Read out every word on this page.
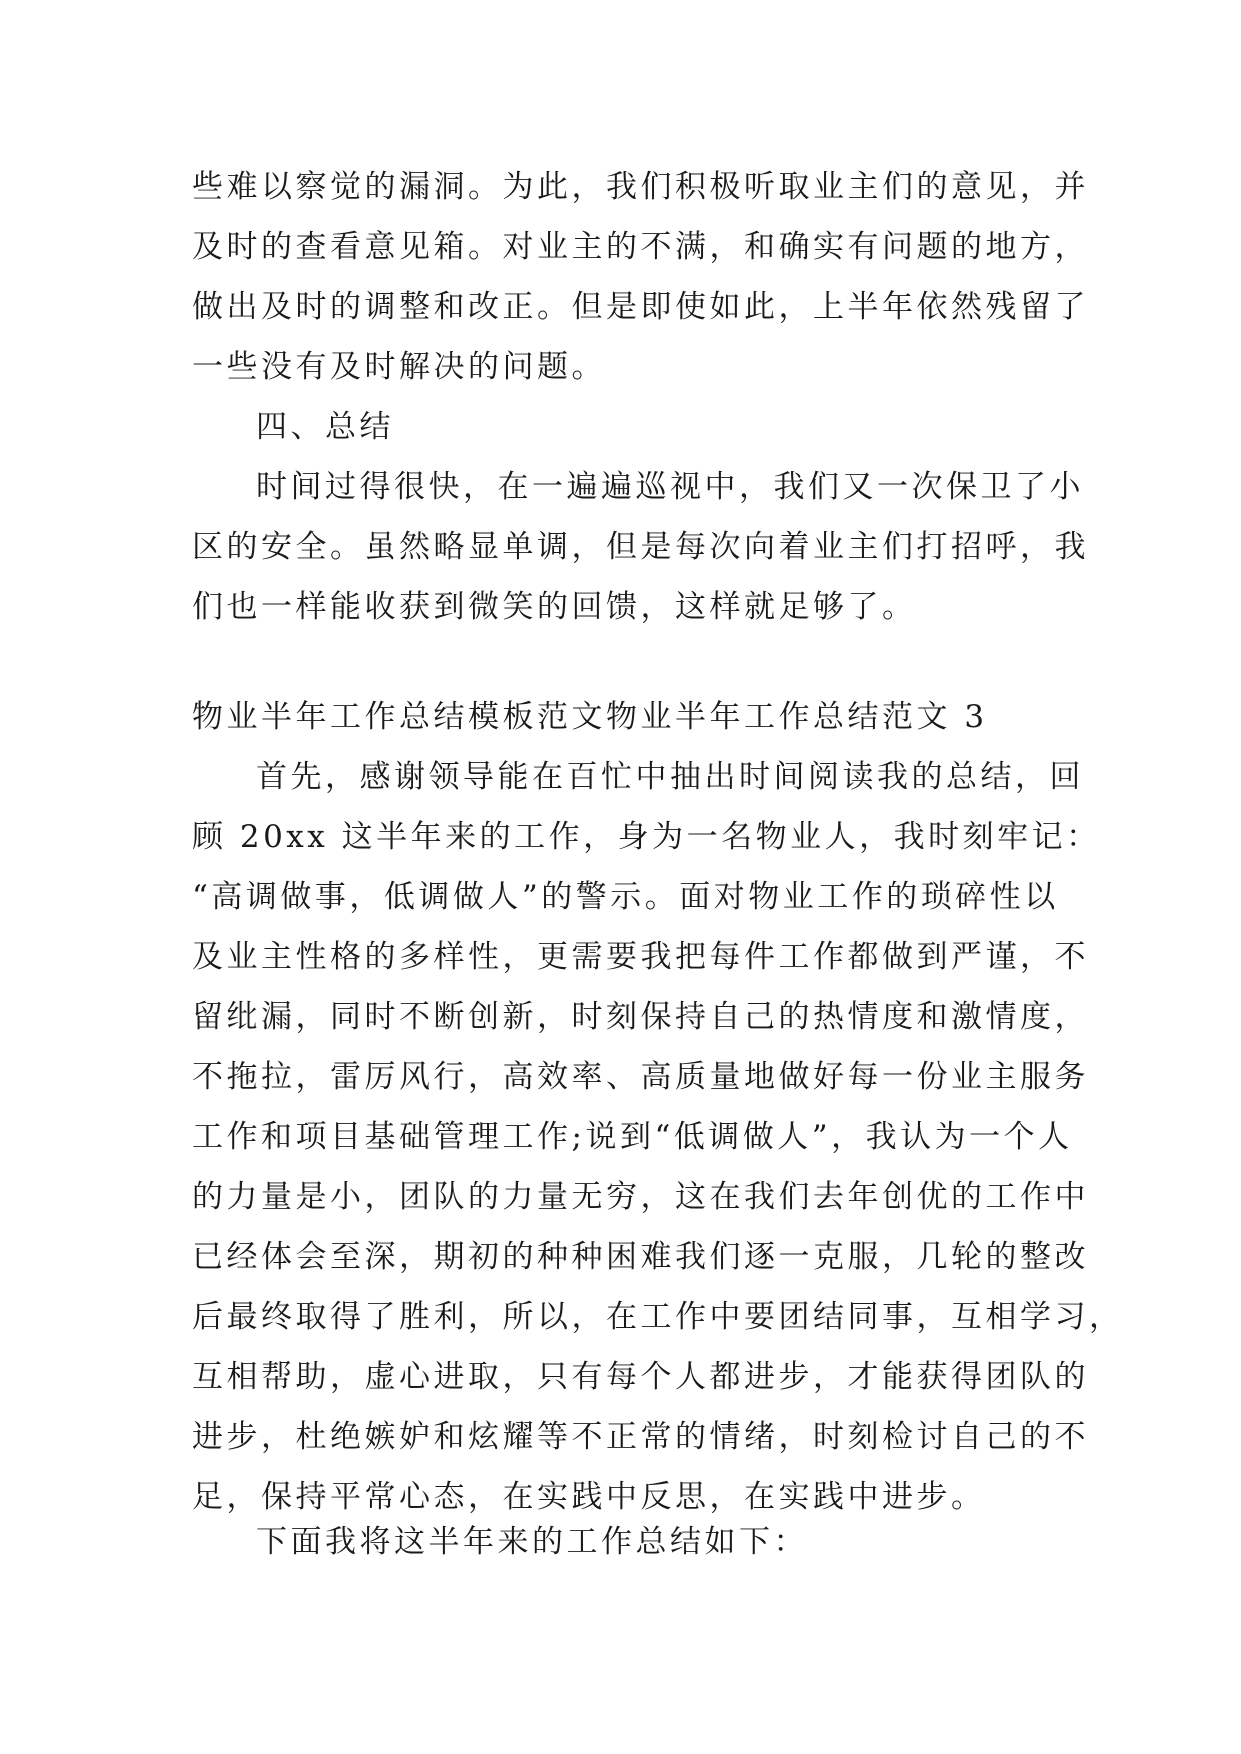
些难以察觉的漏洞。为此，我们积极听取业主们的意见，并
及时的查看意见箱。对业主的不满，和确实有问题的地方，
做出及时的调整和改正。但是即使如此，上半年依然残留了
一些没有及时解决的问题。
四、总结
时间过得很快，在一遍遍巡视中，我们又一次保卫了小
区的安全。虽然略显单调，但是每次向着业主们打招呼，我
们也一样能收获到微笑的回馈，这样就足够了。
物业半年工作总结模板范文物业半年工作总结范文 3
首先，感谢领导能在百忙中抽出时间阅读我的总结，回
顾 20xx 这半年来的工作，身为一名物业人，我时刻牢记：
“高调做事，低调做人”的警示。面对物业工作的琐碎性以
及业主性格的多样性，更需要我把每件工作都做到严谨，不
留纰漏，同时不断创新，时刻保持自己的热情度和激情度，
不拖拉，雷厉风行，高效率、高质量地做好每一份业主服务
工作和项目基础管理工作;说到“低调做人”，我认为一个人
的力量是小，团队的力量无穷，这在我们去年创优的工作中
已经体会至深，期初的种种困难我们逐一克服，几轮的整改
后最终取得了胜利，所以，在工作中要团结同事，互相学习，
互相帮助，虚心进取，只有每个人都进步，才能获得团队的
进步，杜绝嫉妒和炫耀等不正常的情绪，时刻检讨自己的不
足，保持平常心态，在实践中反思，在实践中进步。
下面我将这半年来的工作总结如下：
